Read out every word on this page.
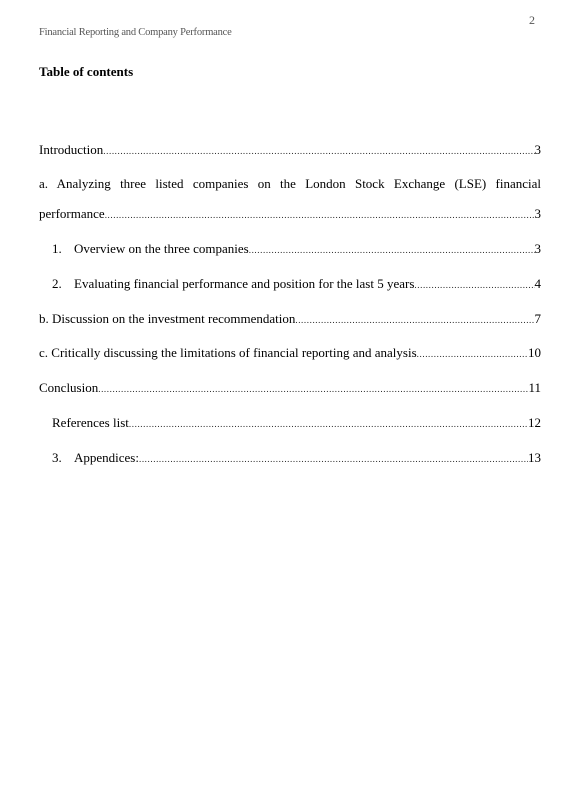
2
Financial Reporting and Company Performance
Table of contents
Introduction .....	3
a. Analyzing three listed companies on the London Stock Exchange (LSE) financial
performance .....	3
1. Overview on the three companies .....	3
2. Evaluating financial performance and position for the last 5 years .....	4
b. Discussion on the investment recommendation .....	7
c. Critically discussing the limitations of financial reporting and analysis .....	10
Conclusion .....	11
References list .....	12
3. Appendices: .....	13
